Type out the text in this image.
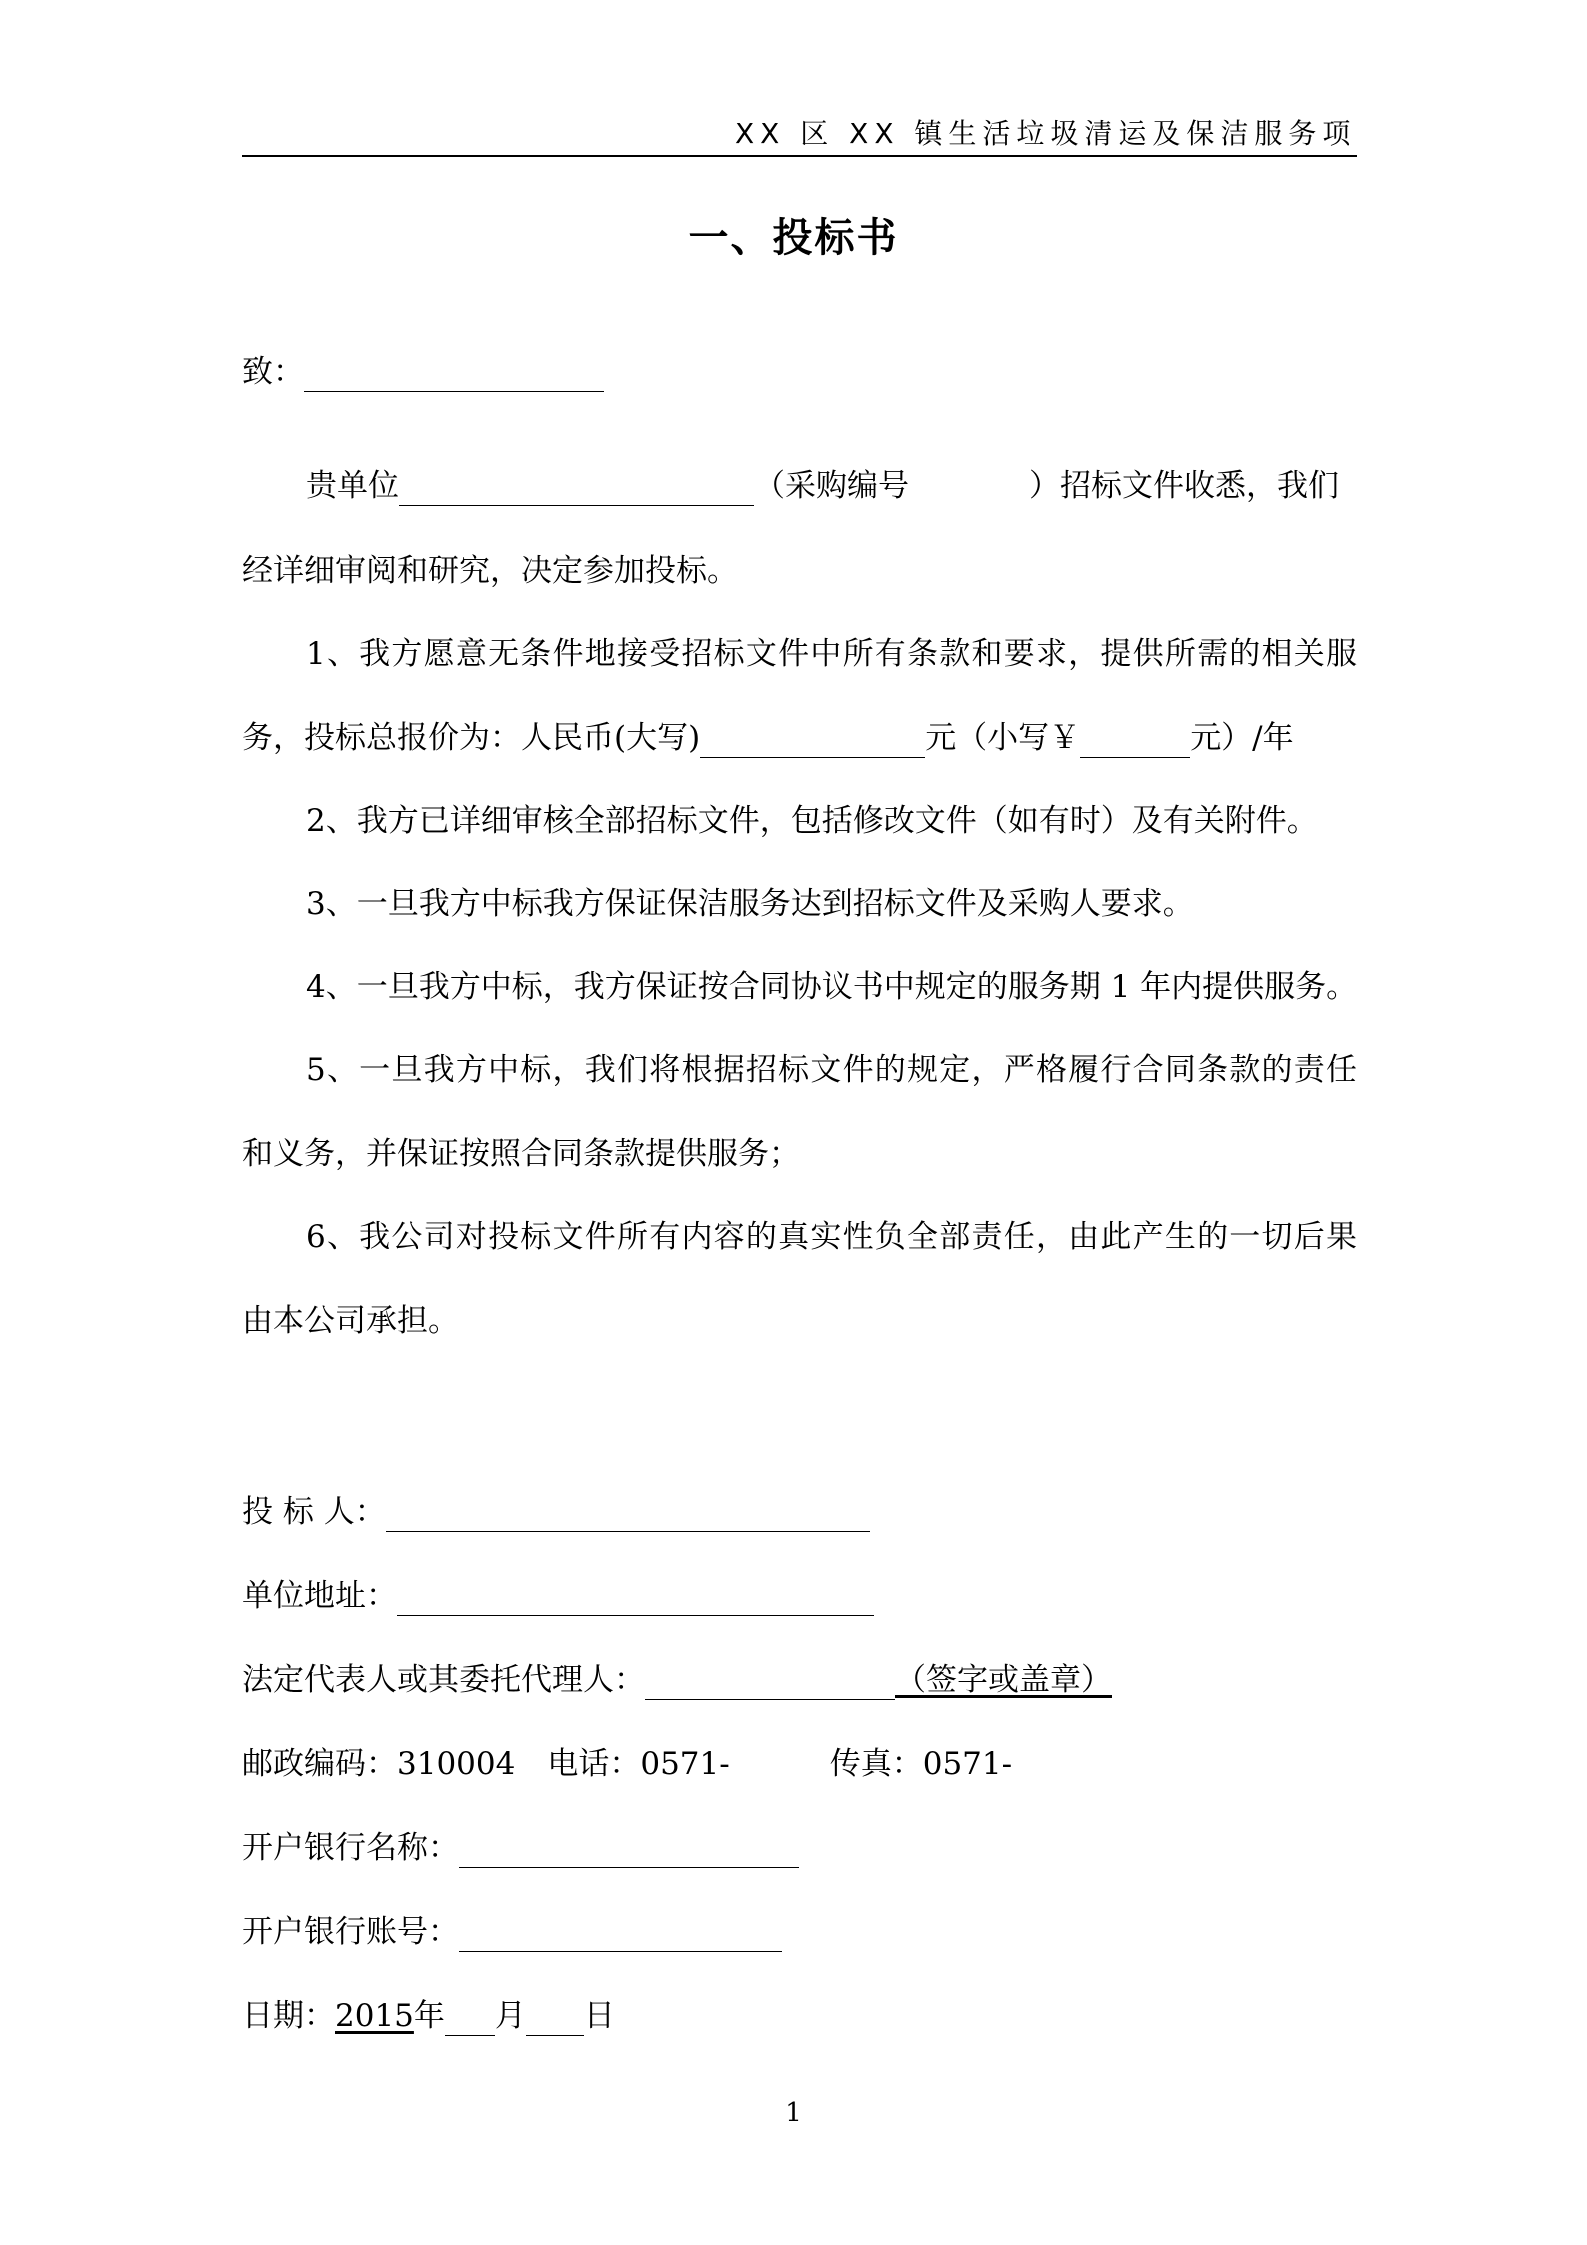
XX 区 XX 镇生活垃圾清运及保洁服务项
一、投标书
致：
贵单位	（采购编号	）招标文件收悉，我们
经详细审阅和研究，决定参加投标。
1、我方愿意无条件地接受招标文件中所有条款和要求，提供所需的相关服
务，投标总报价为：人民币(大写)	元（小写￥	元）/年
2、我方已详细审核全部招标文件，包括修改文件（如有时）及有关附件。
3、一旦我方中标我方保证保洁服务达到招标文件及采购人要求。
4、一旦我方中标，我方保证按合同协议书中规定的服务期 1 年内提供服务。
5、一旦我方中标，我们将根据招标文件的规定，严格履行合同条款的责任
和义务，并保证按照合同条款提供服务；
6、我公司对投标文件所有内容的真实性负全部责任，由此产生的一切后果
由本公司承担。
投 标 人：
单位地址：
法定代表人或其委托代理人：	（签字或盖章）
邮政编码：310004 电话：0571-	传真：0571-
开户银行名称：
开户银行账号：
日期：2015年 月 日
1
